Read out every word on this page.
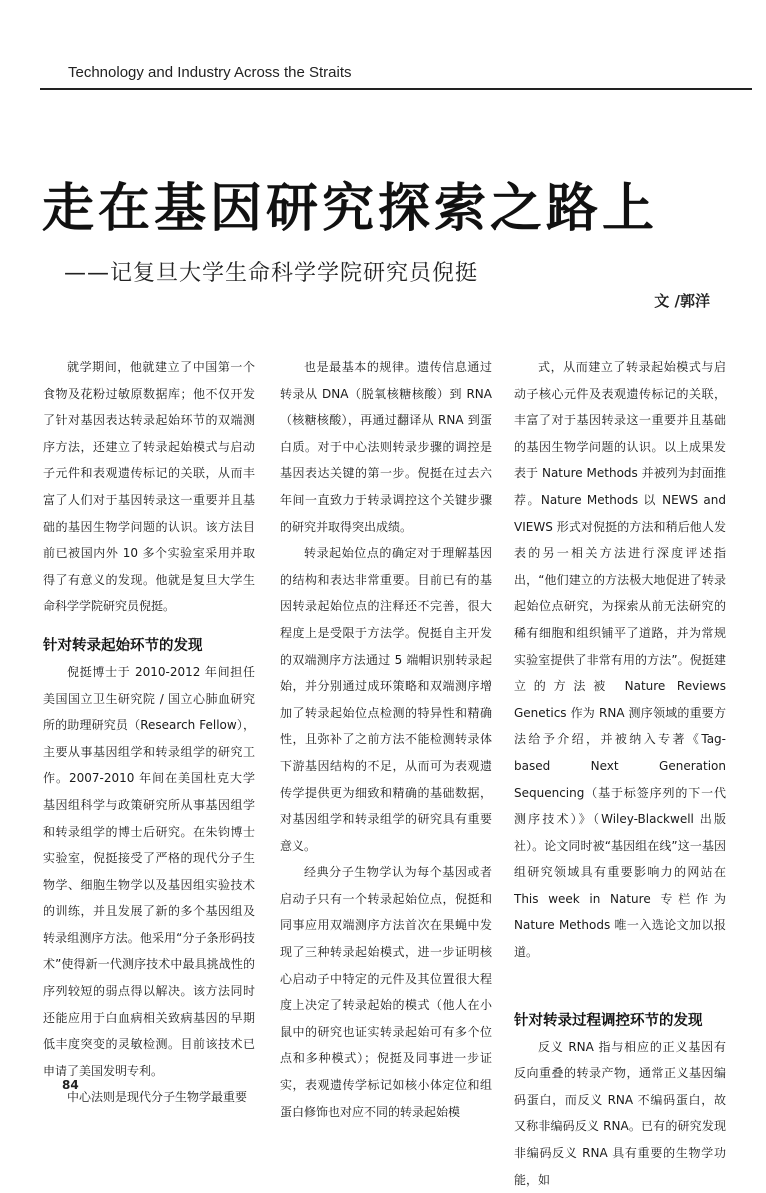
Technology and Industry Across the Straits
走在基因研究探索之路上
——记复旦大学生命科学学院研究员倪挺
文 /郭洋

就学期间，他就建立了中国第一个食物及花粉过敏原数据库；他不仅开发了针对基因表达转录起始环节的双端测序方法，还建立了转录起始模式与启动子元件和表观遗传标记的关联，从而丰富了人们对于基因转录这一重要并且基础的基因生物学问题的认识。该方法目前已被国内外 10 多个实验室采用并取得了有意义的发现。他就是复旦大学生命科学学院研究员倪挺。

针对转录起始环节的发现

倪挺博士于 2010-2012 年间担任美国国立卫生研究院 / 国立心肺血研究所的助理研究员（Research Fellow），主要从事基因组学和转录组学的研究工作。2007-2010 年间在美国杜克大学基因组科学与政策研究所从事基因组学和转录组学的博士后研究。在朱钧博士实验室，倪挺接受了严格的现代分子生物学、细胞生物学以及基因组实验技术的训练，并且发展了新的多个基因组及转录组测序方法。他采用“分子条形码技术”使得新一代测序技术中最具挑战性的序列较短的弱点得以解决。该方法同时还能应用于白血病相关致病基因的早期低丰度突变的灵敏检测。目前该技术已申请了美国发明专利。

中心法则是现代分子生物学最重要

也是最基本的规律。遗传信息通过转录从 DNA（脱氧核糖核酸）到 RNA（核糖核酸），再通过翻译从 RNA 到蛋白质。对于中心法则转录步骤的调控是基因表达关键的第一步。倪挺在过去六年间一直致力于转录调控这个关键步骤的研究并取得突出成绩。

转录起始位点的确定对于理解基因的结构和表达非常重要。目前已有的基因转录起始位点的注释还不完善，很大程度上是受限于方法学。倪挺自主开发的双端测序方法通过 5 端帽识别转录起始，并分别通过成环策略和双端测序增加了转录起始位点检测的特异性和精确性，且弥补了之前方法不能检测转录体下游基因结构的不足，从而可为表观遗传学提供更为细致和精确的基础数据，对基因组学和转录组学的研究具有重要意义。

经典分子生物学认为每个基因或者启动子只有一个转录起始位点，倪挺和同事应用双端测序方法首次在果蝇中发现了三种转录起始模式，进一步证明核心启动子中特定的元件及其位置很大程度上决定了转录起始的模式（他人在小鼠中的研究也证实转录起始可有多个位点和多种模式）；倪挺及同事进一步证实，表观遗传学标记如核小体定位和组蛋白修饰也对应不同的转录起始模

式，从而建立了转录起始模式与启动子核心元件及表观遗传标记的关联，丰富了对于基因转录这一重要并且基础的基因生物学问题的认识。以上成果发表于 Nature Methods 并被列为封面推荐。Nature Methods 以 NEWS and VIEWS 形式对倪挺的方法和稍后他人发表的另一相关方法进行深度评述指出，“他们建立的方法极大地促进了转录起始位点研究，为探索从前无法研究的稀有细胞和组织铺平了道路，并为常规实验室提供了非常有用的方法”。倪挺建立的方法被 Nature Reviews Genetics 作为 RNA 测序领域的重要方法给予介绍，并被纳入专著《Tag-based Next Generation Sequencing（基于标签序列的下一代测序技术）》（Wiley-Blackwell 出版社）。论文同时被“基因组在线”这一基因组研究领域具有重要影响力的网站在 This week in Nature 专栏作为 Nature Methods 唯一入选论文加以报道。

针对转录过程调控环节的发现

反义 RNA 指与相应的正义基因有反向重叠的转录产物，通常正义基因编码蛋白，而反义 RNA 不编码蛋白，故又称非编码反义 RNA。已有的研究发现非编码反义 RNA 具有重要的生物学功能，如

84
